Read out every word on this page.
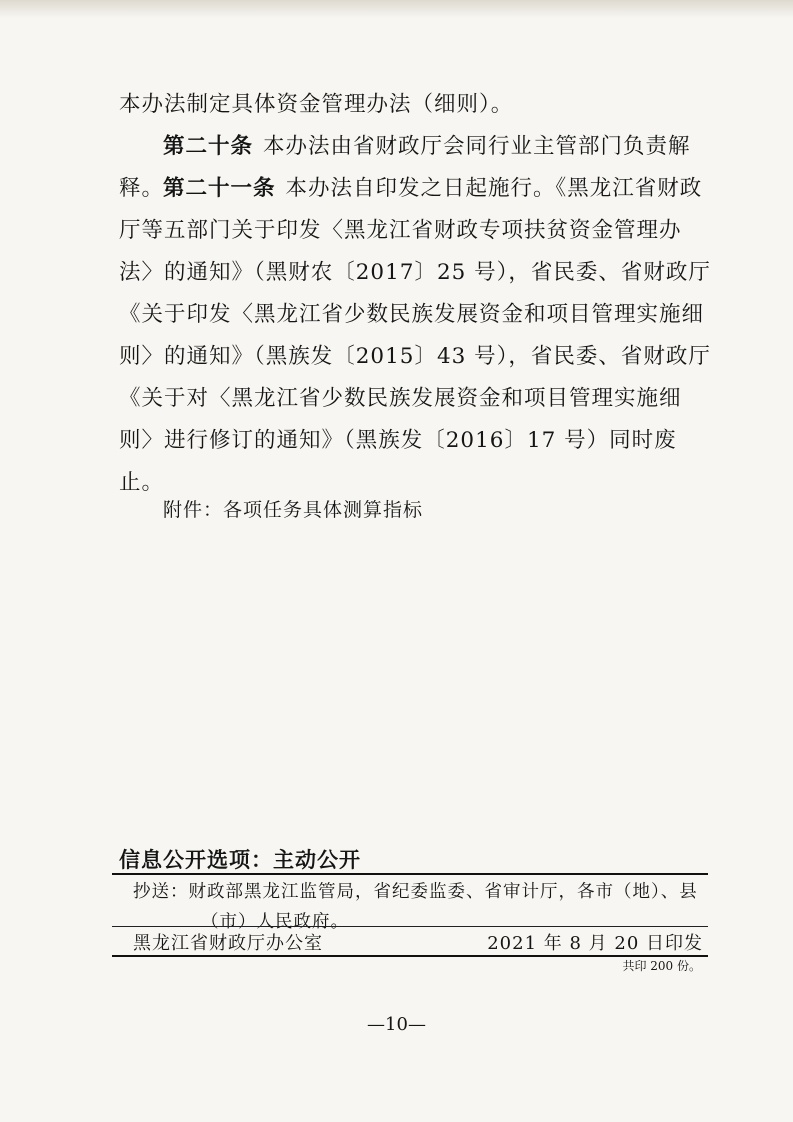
本办法制定具体资金管理办法（细则）。

第二十条 本办法由省财政厅会同行业主管部门负责解释。

第二十一条 本办法自印发之日起施行。《黑龙江省财政厅等五部门关于印发〈黑龙江省财政专项扶贫资金管理办法〉的通知》（黑财农〔2017〕25 号），省民委、省财政厅《关于印发〈黑龙江省少数民族发展资金和项目管理实施细则〉的通知》（黑族发〔2015〕43 号），省民委、省财政厅《关于对〈黑龙江省少数民族发展资金和项目管理实施细则〉进行修订的通知》（黑族发〔2016〕17 号）同时废止。

附件：各项任务具体测算指标
信息公开选项：主动公开
抄送：财政部黑龙江监管局，省纪委监委、省审计厅，各市（地）、县
（市）人民政府。
黑龙江省财政厅办公室	2021 年 8 月 20 日印发
共印 200 份。
—10—
